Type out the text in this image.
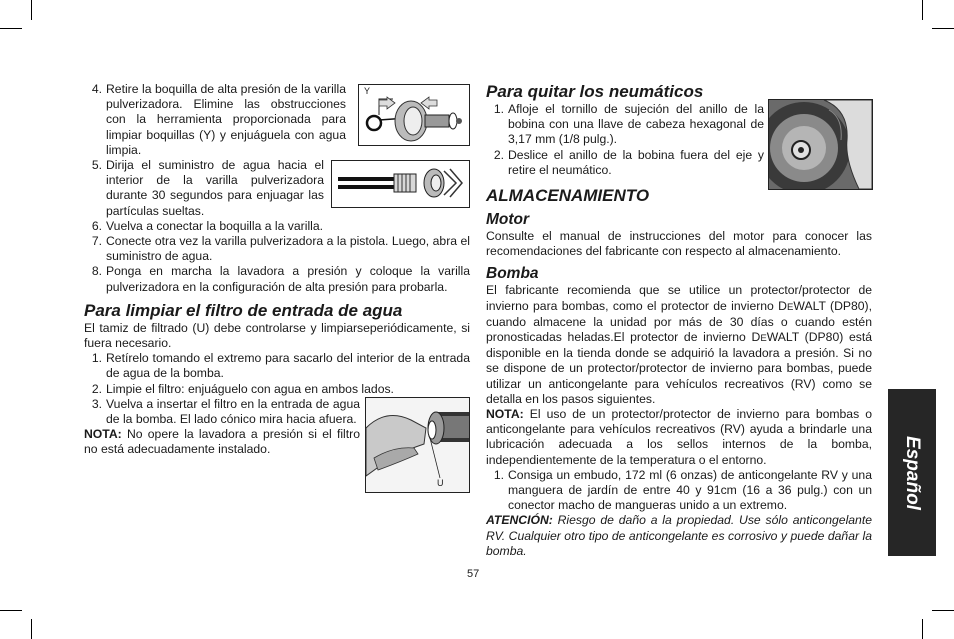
Y
U
4. Retire la boquilla de alta presión de la varilla pulverizadora. Elimine las obstrucciones con la herramienta proporcionada para limpiar boquillas (Y) y enjuáguela con agua limpia.
5. Dirija el suministro de agua hacia el interior de la varilla pulverizadora durante 30 segundos para enjuagar las partículas sueltas.
6. Vuelva a conectar la boquilla a la varilla.
7. Conecte otra vez la varilla pulverizadora a la pistola. Luego, abra el suministro de agua.
8. Ponga en marcha la lavadora a presión y coloque la varilla pulverizadora en la configuración de alta presión para probarla.
Para limpiar el filtro de entrada de agua

El tamiz de filtrado (U) debe controlarse y limpiarseperiódicamente, si fuera necesario.

1. Retírelo tomando el extremo para sacarlo del interior de la entrada de agua de la bomba.
2. Limpie el filtro: enjuáguelo con agua en ambos lados.
3. Vuelva a insertar el filtro en la entrada de agua de la bomba. El lado cónico mira hacia afuera.

NOTA: No opere la lavadora a presión si el filtro no está adecuadamente instalado.

Para quitar los neumáticos
1. Afloje el tornillo de sujeción del anillo de la bobina con una llave de cabeza hexagonal de 3,17 mm (1/8 pulg.).
2. Deslice el anillo de la bobina fuera del eje y retire el neumático.
ALMACENAMIENTO
Motor

Consulte el manual de instrucciones del motor para conocer las recomendaciones del fabricante con respecto al almacenamiento.

Bomba

El fabricante recomienda que se utilice un protector/protector de invierno para bombas, como el protector de invierno DEWALT (DP80), cuando almacene la unidad por más de 30 días o cuando estén pronosticadas heladas.El protector de invierno DEWALT (DP80) está disponible en la tienda donde se adquirió la lavadora a presión. Si no se dispone de un protector/protector de invierno para bombas, puede utilizar un anticongelante para vehículos recreativos (RV) como se detalla en los pasos siguientes.

NOTA: El uso de un protector/protector de invierno para bombas o anticongelante para vehículos recreativos (RV) ayuda a brindarle una lubricación adecuada a los sellos internos de la bomba, independientemente de la temperatura o el entorno.

1. Consiga un embudo, 172 ml (6 onzas) de anticongelante RV y una manguera de jardín de entre 40 y 91cm (16 a 36 pulg.) con un conector macho de mangueras unido a un extremo.

ATENCIÓN: Riesgo de daño a la propiedad. Use sólo anticongelante RV. Cualquier otro tipo de anticongelante es corrosivo y puede dañar la bomba.

Español
57
